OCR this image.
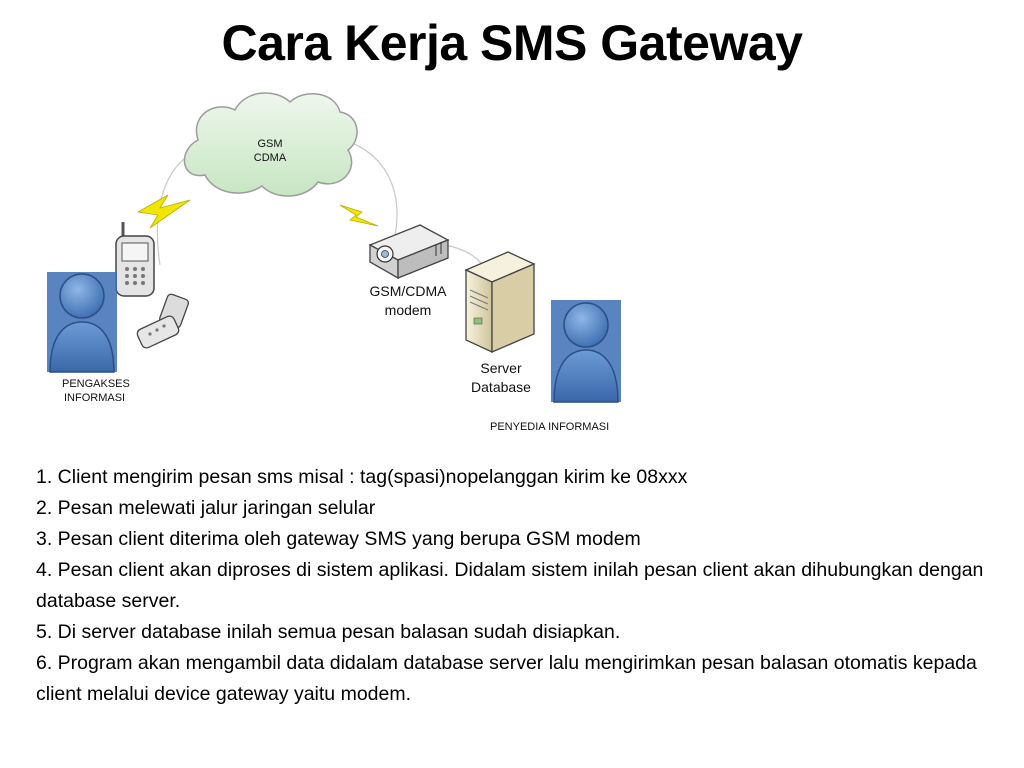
Cara Kerja SMS Gateway
GSM
CDMA
PENGAKSES
INFORMASI
GSM/CDMA
modem
Server
Database
PENYEDIA INFORMASI
1. Client mengirim pesan sms misal : tag(spasi)nopelanggan kirim ke 08xxx
2. Pesan melewati jalur jaringan selular
3. Pesan client diterima oleh gateway SMS yang berupa GSM modem
4. Pesan client akan diproses di sistem aplikasi. Didalam sistem inilah pesan client akan dihubungkan dengan database server.
5. Di server database inilah semua pesan balasan sudah disiapkan.
6. Program akan mengambil data didalam database server lalu mengirimkan pesan balasan otomatis kepada client melalui device gateway yaitu modem.
